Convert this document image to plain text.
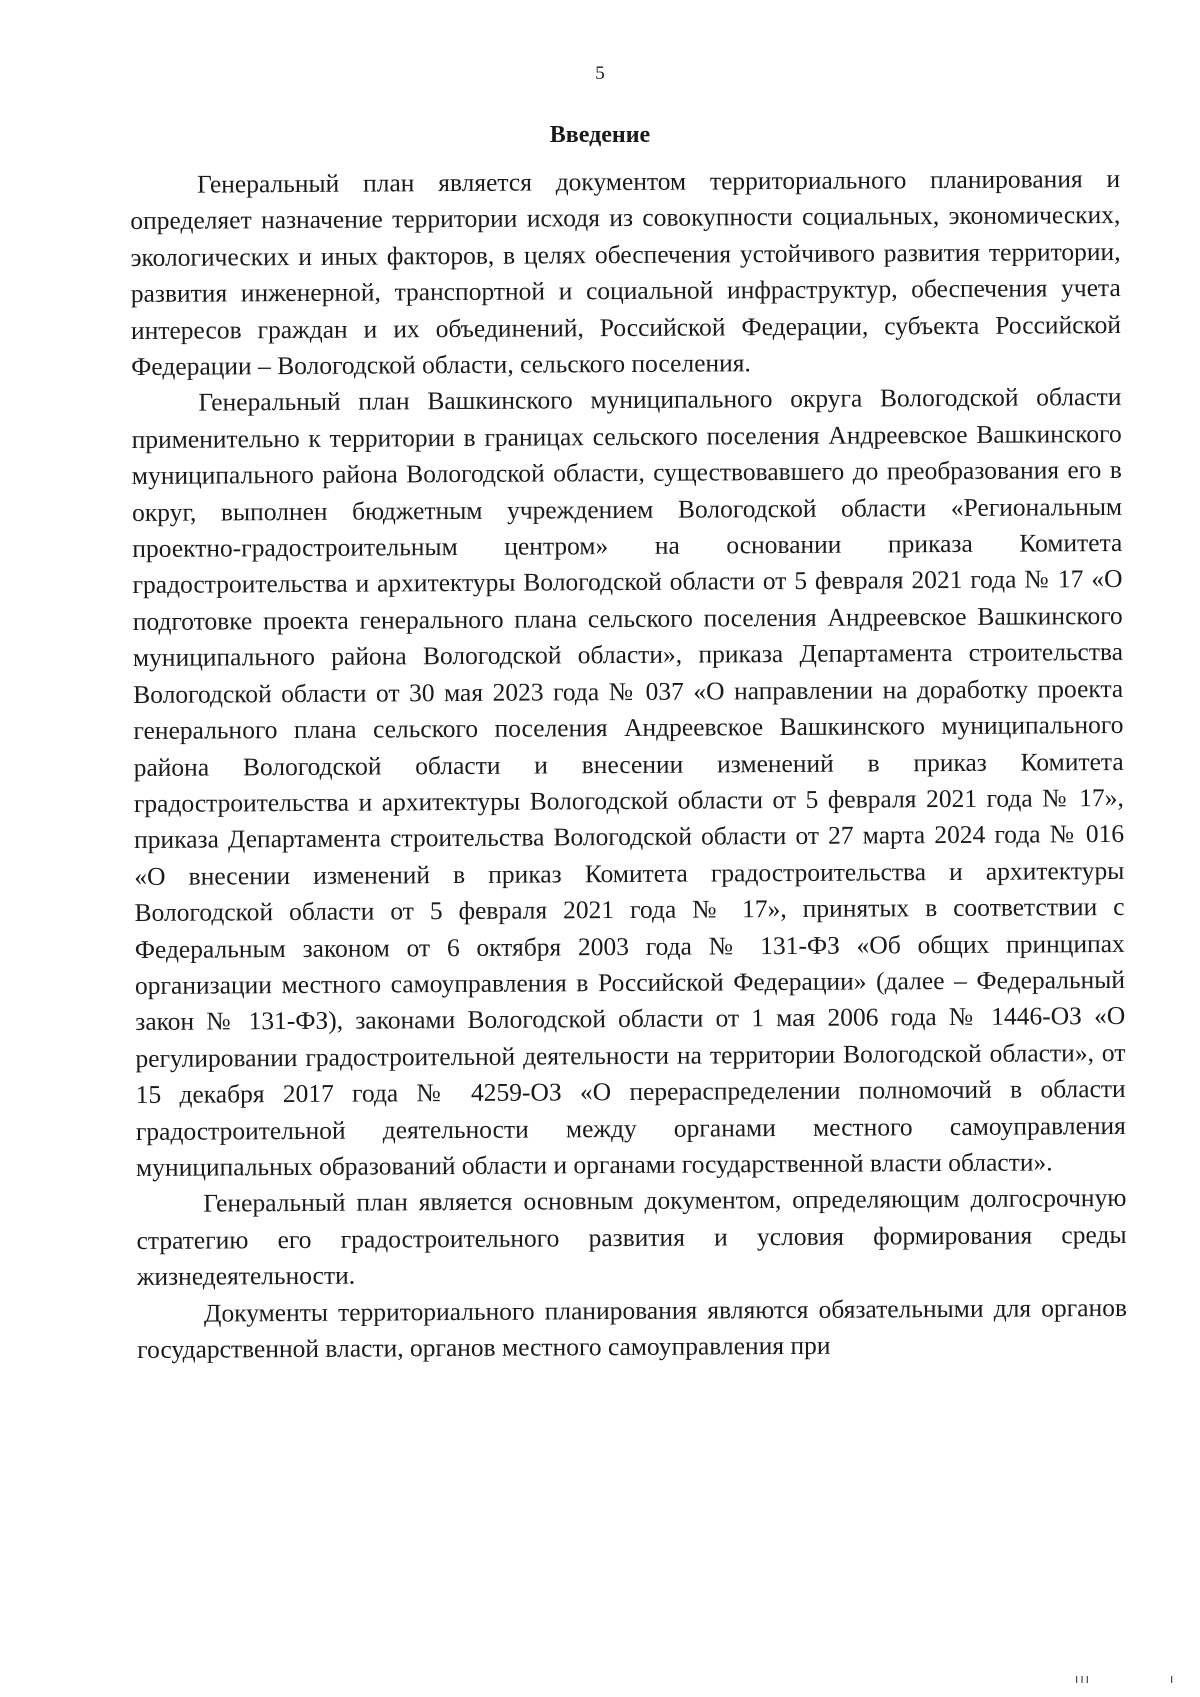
5
Введение

Генеральный план является документом территориального планирования и определяет назначение территории исходя из совокупности социальных, экономических, экологических и иных факторов, в целях обеспечения устойчивого развития территории, развития инженерной, транспортной и социальной инфраструктур, обеспечения учета интересов граждан и их объединений, Российской Федерации, субъекта Российской Федерации – Вологодской области, сельского поселения.

Генеральный план Вашкинского муниципального округа Вологодской области применительно к территории в границах сельского поселения Андреевское Вашкинского муниципального района Вологодской области, существовавшего до преобразования его в округ, выполнен бюджетным учреждением Вологодской области «Региональным проектно-градостроительным центром» на основании приказа Комитета градостроительства и архитектуры Вологодской области от 5 февраля 2021 года № 17 «О подготовке проекта генерального плана сельского поселения Андреевское Вашкинского муниципального района Вологодской области», приказа Департамента строительства Вологодской области от 30 мая 2023 года № 037 «О направлении на доработку проекта генерального плана сельского поселения Андреевское Вашкинского муниципального района Вологодской области и внесении изменений в приказ Комитета градостроительства и архитектуры Вологодской области от 5 февраля 2021 года № 17», приказа Департамента строительства Вологодской области от 27 марта 2024 года № 016 «О внесении изменений в приказ Комитета градостроительства и архитектуры Вологодской области от 5 февраля 2021 года № 17», принятых в соответствии с Федеральным законом от 6 октября 2003 года № 131-ФЗ «Об общих принципах организации местного самоуправления в Российской Федерации» (далее – Федеральный закон № 131-ФЗ), законами Вологодской области от 1 мая 2006 года № 1446-ОЗ «О регулировании градостроительной деятельности на территории Вологодской области», от 15 декабря 2017 года № 4259-ОЗ «О перераспределении полномочий в области градостроительной деятельности между органами местного самоуправления муниципальных образований области и органами государственной власти области».

Генеральный план является основным документом, определяющим долгосрочную стратегию его градостроительного развития и условия формирования среды жизнедеятельности.

Документы территориального планирования являются обязательными для органов государственной власти, органов местного самоуправления при

ııı	ı
